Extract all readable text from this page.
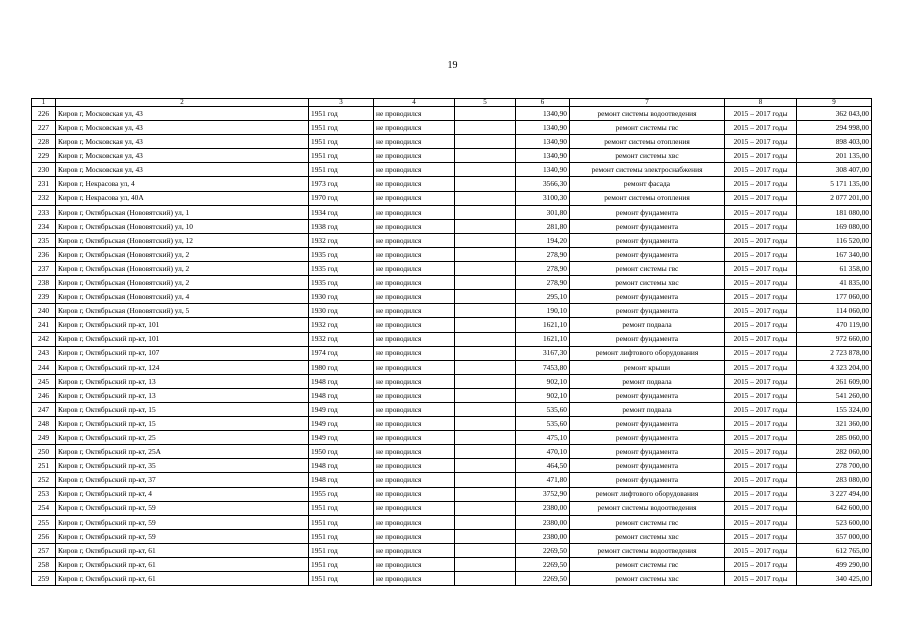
19
1	2	3	4	5	6	7	8	9
226	Киров г, Московская ул, 43	1951 год	не проводился		1340,90	ремонт системы водоотведения	2015 – 2017 годы	362 043,00
227	Киров г, Московская ул, 43	1951 год	не проводился		1340,90	ремонт системы гвс	2015 – 2017 годы	294 998,00
228	Киров г, Московская ул, 43	1951 год	не проводился		1340,90	ремонт системы отопления	2015 – 2017 годы	898 403,00
229	Киров г, Московская ул, 43	1951 год	не проводился		1340,90	ремонт системы хвс	2015 – 2017 годы	201 135,00
230	Киров г, Московская ул, 43	1951 год	не проводился		1340,90	ремонт системы электроснабжения	2015 – 2017 годы	308 407,00
231	Киров г, Некрасова ул, 4	1973 год	не проводился		3566,30	ремонт фасада	2015 – 2017 годы	5 171 135,00
232	Киров г, Некрасова ул, 40А	1970 год	не проводился		3100,30	ремонт системы отопления	2015 – 2017 годы	2 077 201,00
233	Киров г, Октябрьская (Нововятский) ул, 1	1934 год	не проводился		301,80	ремонт фундамента	2015 – 2017 годы	181 080,00
234	Киров г, Октябрьская (Нововятский) ул, 10	1938 год	не проводился		281,80	ремонт фундамента	2015 – 2017 годы	169 080,00
235	Киров г, Октябрьская (Нововятский) ул, 12	1932 год	не проводился		194,20	ремонт фундамента	2015 – 2017 годы	116 520,00
236	Киров г, Октябрьская (Нововятский) ул, 2	1935 год	не проводился		278,90	ремонт фундамента	2015 – 2017 годы	167 340,00
237	Киров г, Октябрьская (Нововятский) ул, 2	1935 год	не проводился		278,90	ремонт системы гвс	2015 – 2017 годы	61 358,00
238	Киров г, Октябрьская (Нововятский) ул, 2	1935 год	не проводился		278,90	ремонт системы хвс	2015 – 2017 годы	41 835,00
239	Киров г, Октябрьская (Нововятский) ул, 4	1930 год	не проводился		295,10	ремонт фундамента	2015 – 2017 годы	177 060,00
240	Киров г, Октябрьская (Нововятский) ул, 5	1930 год	не проводился		190,10	ремонт фундамента	2015 – 2017 годы	114 060,00
241	Киров г, Октябрьский пр-кт, 101	1932 год	не проводился		1621,10	ремонт подвала	2015 – 2017 годы	470 119,00
242	Киров г, Октябрьский пр-кт, 101	1932 год	не проводился		1621,10	ремонт фундамента	2015 – 2017 годы	972 660,00
243	Киров г, Октябрьский пр-кт, 107	1974 год	не проводился		3167,30	ремонт лифтового оборудования	2015 – 2017 годы	2 723 878,00
244	Киров г, Октябрьский пр-кт, 124	1980 год	не проводился		7453,80	ремонт крыши	2015 – 2017 годы	4 323 204,00
245	Киров г, Октябрьский пр-кт, 13	1948 год	не проводился		902,10	ремонт подвала	2015 – 2017 годы	261 609,00
246	Киров г, Октябрьский пр-кт, 13	1948 год	не проводился		902,10	ремонт фундамента	2015 – 2017 годы	541 260,00
247	Киров г, Октябрьский пр-кт, 15	1949 год	не проводился		535,60	ремонт подвала	2015 – 2017 годы	155 324,00
248	Киров г, Октябрьский пр-кт, 15	1949 год	не проводился		535,60	ремонт фундамента	2015 – 2017 годы	321 360,00
249	Киров г, Октябрьский пр-кт, 25	1949 год	не проводился		475,10	ремонт фундамента	2015 – 2017 годы	285 060,00
250	Киров г, Октябрьский пр-кт, 25А	1950 год	не проводился		470,10	ремонт фундамента	2015 – 2017 годы	282 060,00
251	Киров г, Октябрьский пр-кт, 35	1948 год	не проводился		464,50	ремонт фундамента	2015 – 2017 годы	278 700,00
252	Киров г, Октябрьский пр-кт, 37	1948 год	не проводился		471,80	ремонт фундамента	2015 – 2017 годы	283 080,00
253	Киров г, Октябрьский пр-кт, 4	1955 год	не проводился		3752,90	ремонт лифтового оборудования	2015 – 2017 годы	3 227 494,00
254	Киров г, Октябрьский пр-кт, 59	1951 год	не проводился		2380,00	ремонт системы водоотведения	2015 – 2017 годы	642 600,00
255	Киров г, Октябрьский пр-кт, 59	1951 год	не проводился		2380,00	ремонт системы гвс	2015 – 2017 годы	523 600,00
256	Киров г, Октябрьский пр-кт, 59	1951 год	не проводился		2380,00	ремонт системы хвс	2015 – 2017 годы	357 000,00
257	Киров г, Октябрьский пр-кт, 61	1951 год	не проводился		2269,50	ремонт системы водоотведения	2015 – 2017 годы	612 765,00
258	Киров г, Октябрьский пр-кт, 61	1951 год	не проводился		2269,50	ремонт системы гвс	2015 – 2017 годы	499 290,00
259	Киров г, Октябрьский пр-кт, 61	1951 год	не проводился		2269,50	ремонт системы хвс	2015 – 2017 годы	340 425,00
